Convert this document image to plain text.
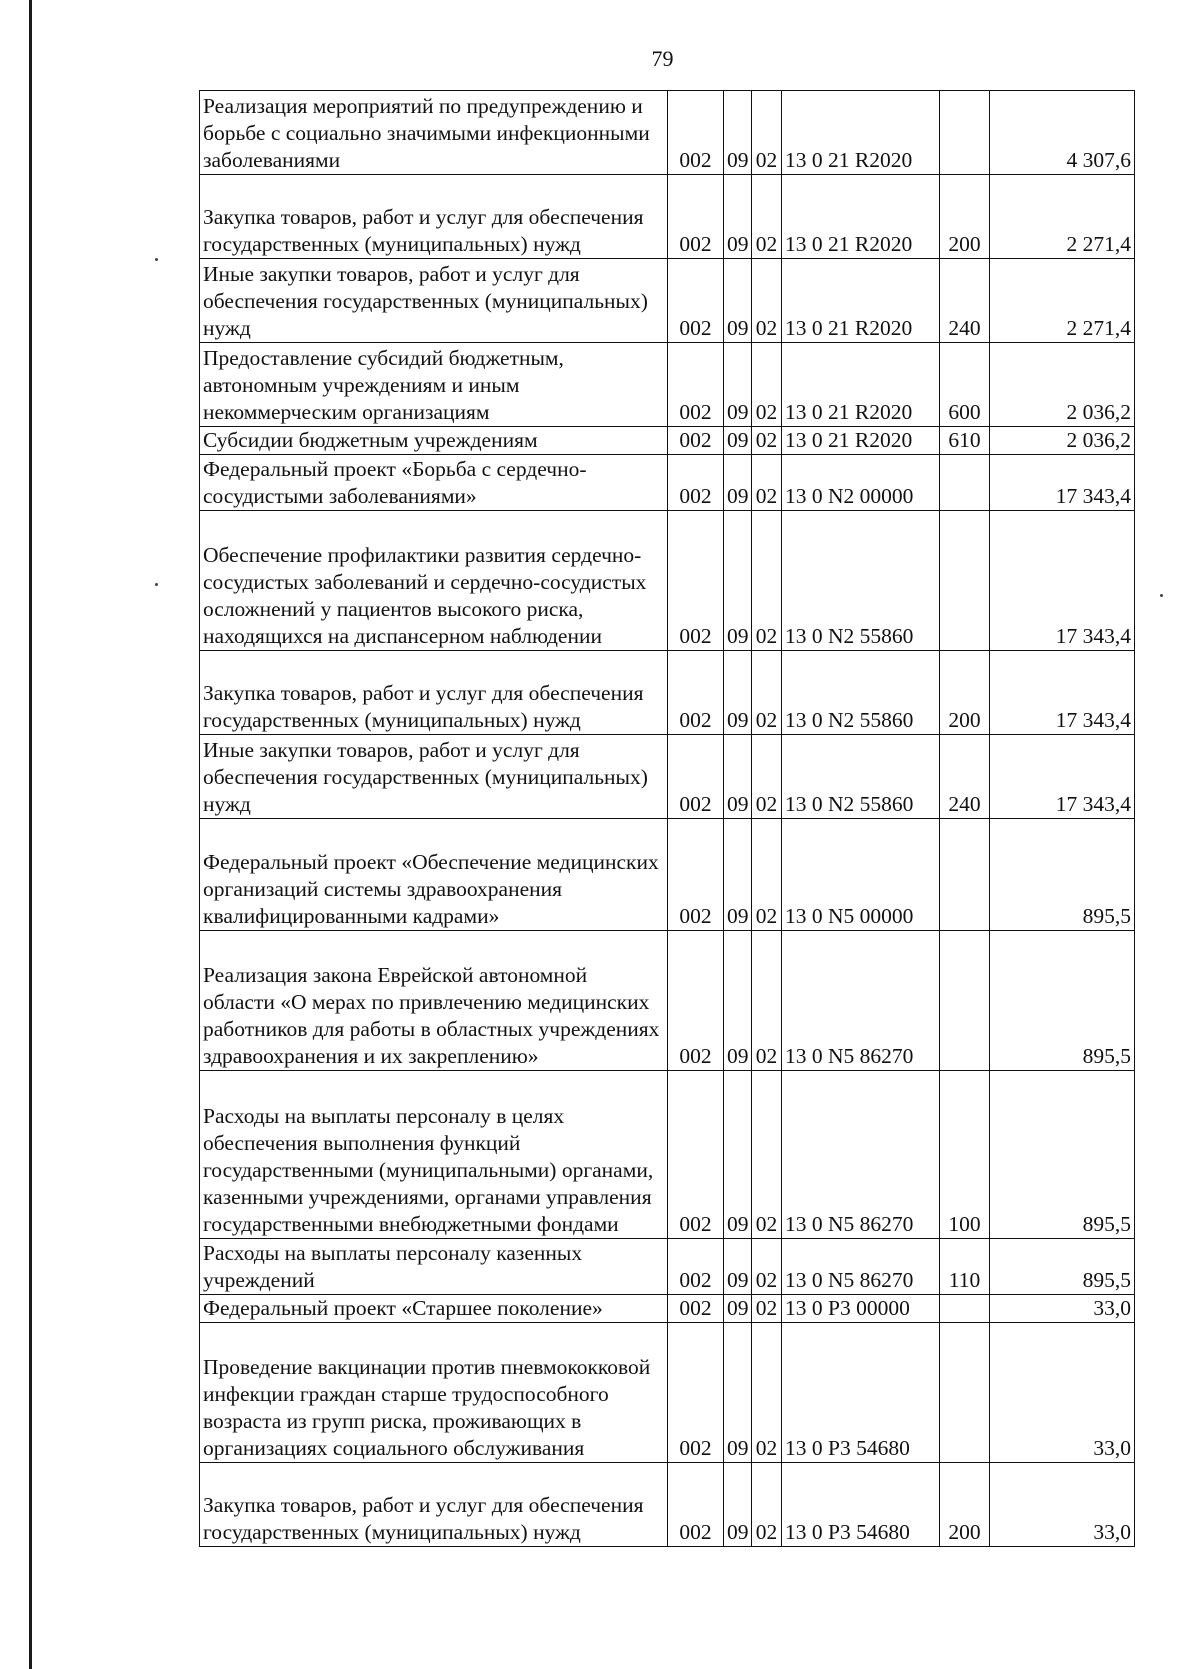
79
Реализация мероприятий по предупреждению и борьбе с социально значимыми инфекционными заболеваниями	002	09	02	13 0 21 R2020		4 307,6
Закупка товаров, работ и услуг для обеспечения государственных (муниципальных) нужд	002	09	02	13 0 21 R2020	200	2 271,4
Иные закупки товаров, работ и услуг для обеспечения государственных (муниципальных) нужд	002	09	02	13 0 21 R2020	240	2 271,4
Предоставление субсидий бюджетным, автономным учреждениям и иным некоммерческим организациям	002	09	02	13 0 21 R2020	600	2 036,2
Субсидии бюджетным учреждениям	002	09	02	13 0 21 R2020	610	2 036,2
Федеральный проект «Борьба с сердечно-сосудистыми заболеваниями»	002	09	02	13 0 N2 00000		17 343,4
Обеспечение профилактики развития сердечно-сосудистых заболеваний и сердечно-сосудистых осложнений у пациентов высокого риска, находящихся на диспансерном наблюдении	002	09	02	13 0 N2 55860		17 343,4
Закупка товаров, работ и услуг для обеспечения государственных (муниципальных) нужд	002	09	02	13 0 N2 55860	200	17 343,4
Иные закупки товаров, работ и услуг для обеспечения государственных (муниципальных) нужд	002	09	02	13 0 N2 55860	240	17 343,4
Федеральный проект «Обеспечение медицинских организаций системы здравоохранения квалифицированными кадрами»	002	09	02	13 0 N5 00000		895,5
Реализация закона Еврейской автономной области «О мерах по привлечению медицинских работников для работы в областных учреждениях здравоохранения и их закреплению»	002	09	02	13 0 N5 86270		895,5
Расходы на выплаты персоналу в целях обеспечения выполнения функций государственными (муниципальными) органами, казенными учреждениями, органами управления государственными внебюджетными фондами	002	09	02	13 0 N5 86270	100	895,5
Расходы на выплаты персоналу казенных учреждений	002	09	02	13 0 N5 86270	110	895,5
Федеральный проект «Старшее поколение»	002	09	02	13 0 P3 00000		33,0
Проведение вакцинации против пневмококковой инфекции граждан старше трудоспособного возраста из групп риска, проживающих в организациях социального обслуживания	002	09	02	13 0 P3 54680		33,0
Закупка товаров, работ и услуг для обеспечения государственных (муниципальных) нужд	002	09	02	13 0 P3 54680	200	33,0
